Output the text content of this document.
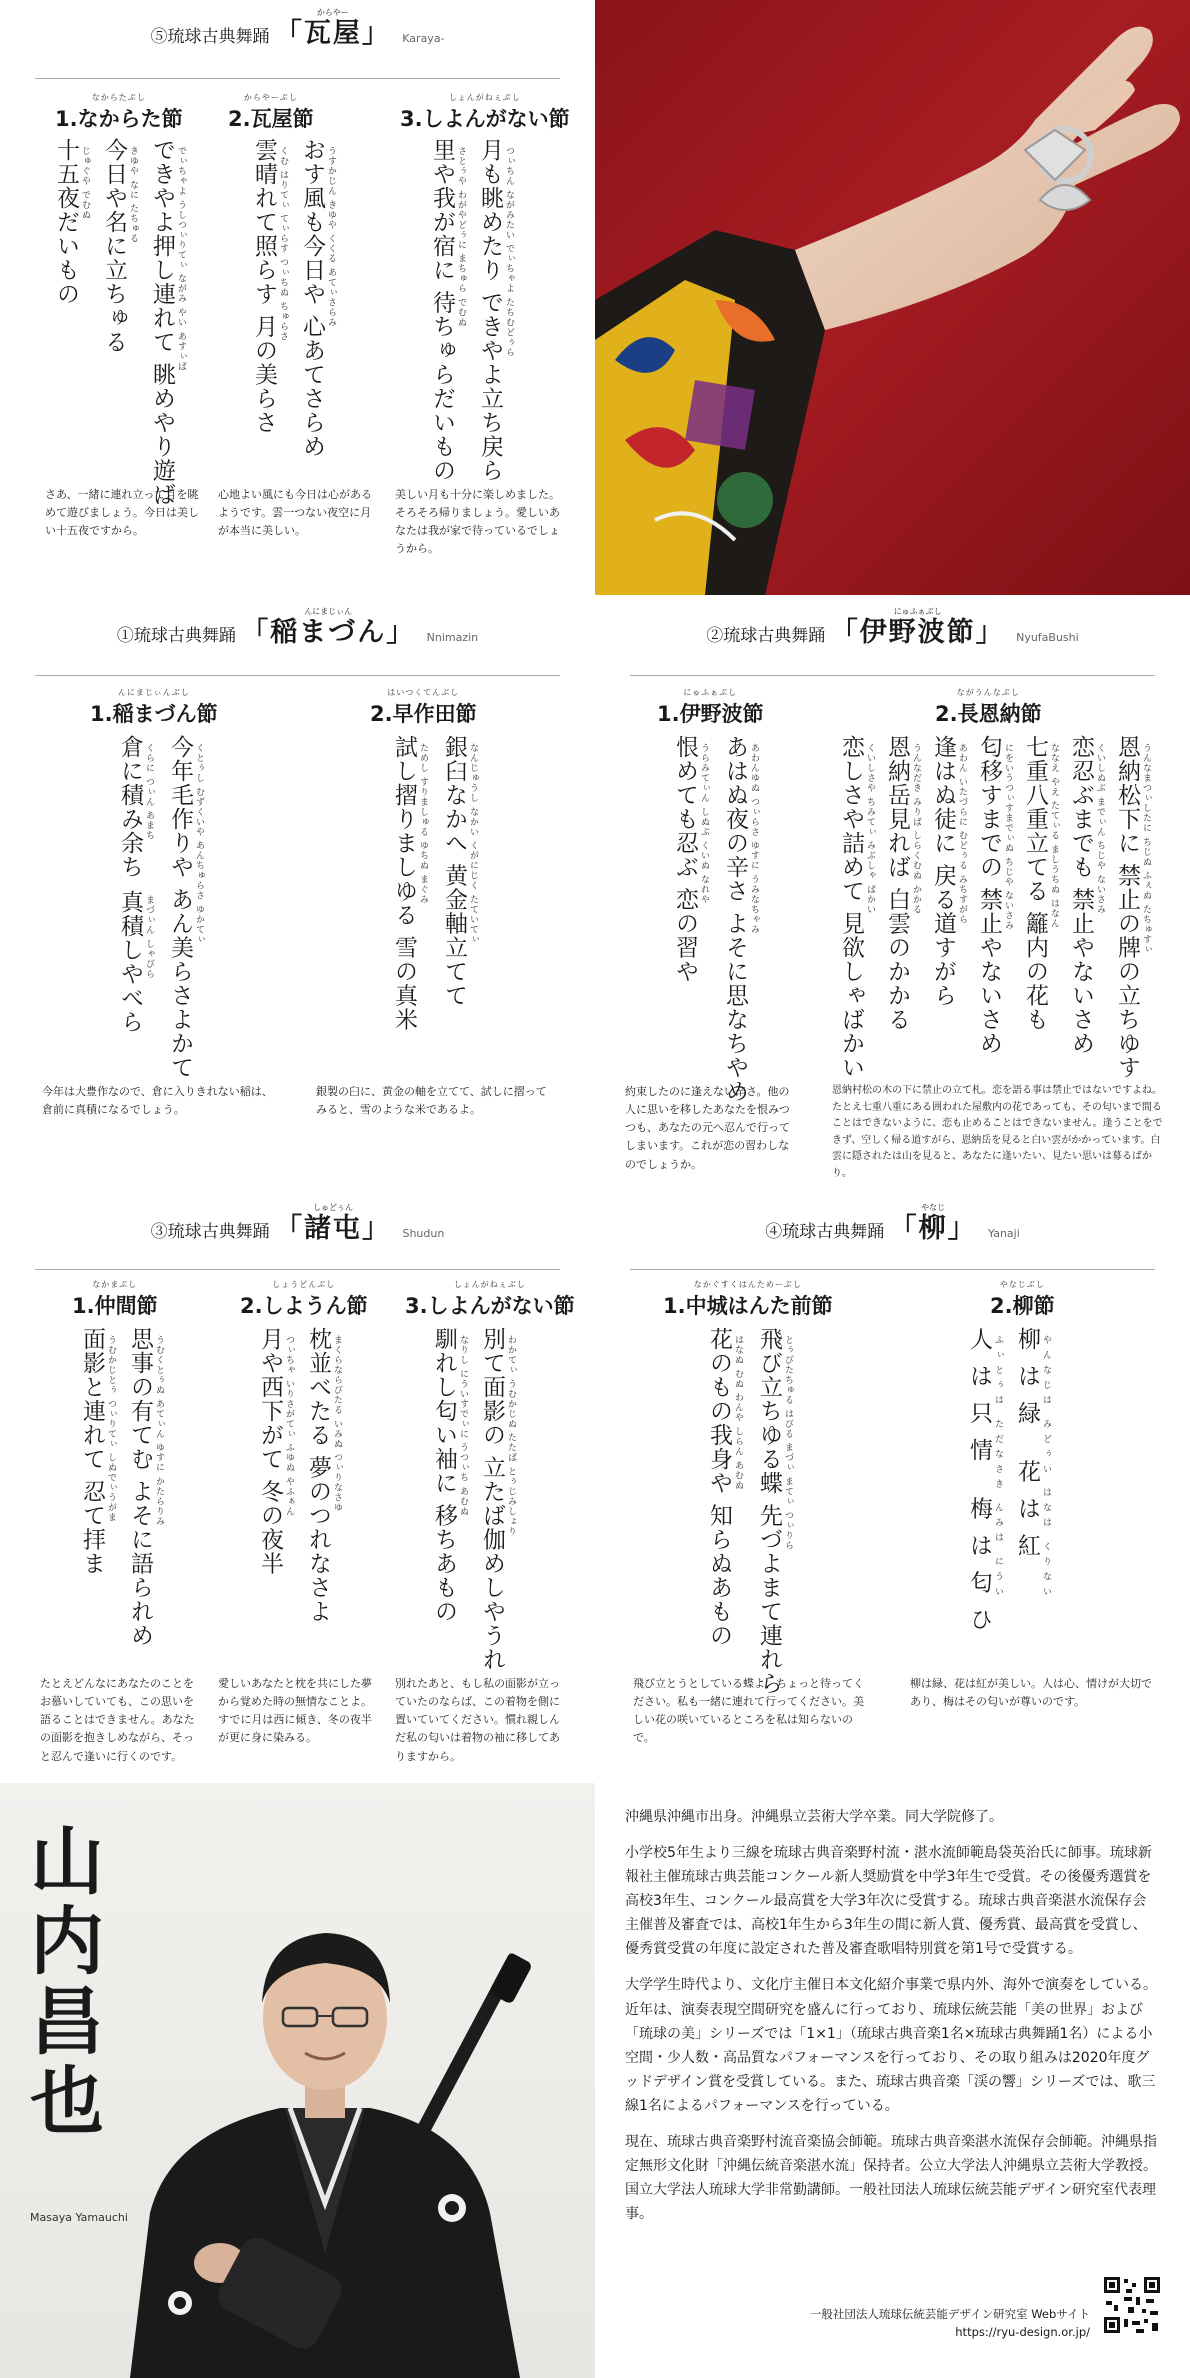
⑤琉球古典舞踊
からやー
「瓦屋」 Karaya-
なからたぶし
1.なからた節
からやーぶし
2.瓦屋節
しょんがねぇぶし
3.しよんがない節
できやよ押し連れて 眺めやり遊ば でぃちゃよ うしつぃりてぃ ながみ やい あすぃば
今日や名に立ちゅる きゆや なに たちゅる
十五夜だいもの じゅぐや でむぬ	おす風も今日や 心あてさらめ うすかじん きゆや くくる あてぃさらみ
雲晴れて照らす 月の美らさ くむ はりてぃ てぃらす つぃちぬ ちゅらさ	月も眺めたり できやよ立ち戻ら つぃちん ながみたい でぃちゃよ たちむどぅら
里や我が宿に 待ちゅらだいもの さとぅや わがやどぅに まちゅら でむぬ
さあ、一緒に連れ立って月を眺めて遊びましょう。今日は美しい十五夜ですから。
心地よい風にも今日は心があるようです。雲一つない夜空に月が本当に美しい。
美しい月も十分に楽しめました。そろそろ帰りましょう。愛しいあなたは我が家で待っているでしょうから。
①琉球古典舞踊
んにまじぃん
「稲まづん」 Nnimazin
んにまじぃんぶし
1.稲まづん節
はいつくてんぶし
2.早作田節
今年毛作りや あん美らさよかて くとぅし むずくいや あんちゅらさ ゆかてぃ
倉に積み余ち くらに つぃん あまち
真積しやべら まづぃん しゃびら	銀臼なかへ 黄金軸立てて なんじゅうし なかい くがにじく たていてぃ
試し摺りましゆる 雪の真米 ためし すりましゅる ゆちぬ まぐみ
今年は大豊作なので、倉に入りきれない稲は、倉前に真積になるでしょう。
銀製の臼に、黄金の軸を立てて、試しに摺ってみると、雪のような米であるよ。
②琉球古典舞踊
にゅふぁぶし
「伊野波節」 NyufaBushi
にゅふぁぶし
1.伊野波節
ながうんなぶし
2.長恩納節
あはぬ夜の辛さ よそに思なちやめ あわんゆぬ つぃらさ ゆすに うみなちゃみ
恨めても忍ぶ 恋の習や うらみてぃん しぬぶ くいぬ なれや	恩納松下に 禁止の牌の立ちゆす うんなまつぃしたに ちじぬ ふぇぬ たちゅすぃ
恋忍ぶまでも 禁止やないさめ くいしぬぶ までぃん ちじや ないさみ
七重八重立てる 籬内の花も ななえ やえ たてぃる ましうちぬ はなん
匂移すまでの 禁止やないさめ にをいうつぃすまでぃぬ ちじや ないさみ
逢はぬ徒に 戻る道すがら あわん いたづらに むどぅる みちすがら
恩納岳見れば 白雲のかかる うんなだき みりば しらくむぬ かかる
恋しさや詰めて 見欲しゃばかい くいしさや ちみてぃ みぶしゃ ばかい
約束したのに逢えない辛さ。他の人に思いを移したあなたを恨みつつも、あなたの元へ忍んで行ってしまいます。これが恋の習わしなのでしょうか。
恩納村松の木の下に禁止の立て札。恋を語る事は禁止ではないですよね。たとえ七重八重にある囲われた屋敷内の花であっても、その匂いまで間ることはできないように、恋も止めることはできないません。逢うことをできず、空しく帰る道すがら、恩納岳を見ると白い雲がかかっています。白雲に隠されたは山を見ると、あなたに逢いたい、見たい思いは募るばかり。
③琉球古典舞踊
しゅどぅん
「諸屯」 Shudun
なかまぶし
1.仲間節
しょうどんぶし
2.しようん節
しょんがねぇぶし
3.しよんがない節
思事の有てむ よそに語られめ うむくとぅぬ あてぃん ゆすに かたらりみ
面影と連れて 忍て拝ま うむかじとぅ つぃりてぃ しぬでぃうがま	枕並べたる 夢のつれなさよ まくらならびたる いみぬ つぃりなさゆ
月や西下がて 冬の夜半 つぃちゃ いりさがてぃ ふゆぬ やふぁん	別て面影の 立たば伽めしやうれ わかてぃ うむかじぬ たたば とぅじみしょり
馴れし匂い袖に 移ちあもの なりし にういすでぃに うつぃち あむぬ
たとえどんなにあなたのことをお慕いしていても、この思いを語ることはできません。あなたの面影を抱きしめながら、そっと忍んで逢いに行くのです。
愛しいあなたと枕を共にした夢から覚めた時の無情なことよ。すでに月は西に傾き、冬の夜半が更に身に染みる。
別れたあと、もし私の面影が立っていたのならば、この着物を側に置いていてください。慣れ親しんだ私の匂いは着物の袖に移してありますから。
④琉球古典舞踊
やなじ
「柳」 Yanaji
なかぐすくはんためーぶし
1.中城はんた前節
やなじぶし
2.柳節
飛び立ちゆる蝶 先づよまて連れら とぅびたちゅる はびる まづぃ まてぃ つぃりら
花のもの我身や 知らぬあもの はなぬ むぬ わんや しらん あむぬ	柳は緑 花は紅 やんなじは みどぅい はなは くりない
人は只情 梅は匂ひ ふぃとぅは ただなさき んみは にうい
飛び立とうとしている蝶よ、ちょっと待ってください。私も一緒に連れて行ってください。美しい花の咲いているところを私は知らないので。
柳は緑、花は紅が美しい。人は心、情けが大切であり、梅はその匂いが尊いのです。
山内昌也
Masaya Yamauchi

沖縄県沖縄市出身。沖縄県立芸術大学卒業。同大学院修了。

小学校5年生より三線を琉球古典音楽野村流・湛水流師範島袋英治氏に師事。琉球新報社主催琉球古典芸能コンクール新人奨励賞を中学3年生で受賞。その後優秀選賞を高校3年生、コンクール最高賞を大学3年次に受賞する。琉球古典音楽湛水流保存会主催普及審査では、高校1年生から3年生の間に新人賞、優秀賞、最高賞を受賞し、優秀賞受賞の年度に設定された普及審査歌唱特別賞を第1号で受賞する。

大学学生時代より、文化庁主催日本文化紹介事業で県内外、海外で演奏をしている。近年は、演奏表現空間研究を盛んに行っており、琉球伝統芸能「美の世界」および「琉球の美」シリーズでは「1×1」（琉球古典音楽1名×琉球古典舞踊1名）による小空間・少人数・高品質なパフォーマンスを行っており、その取り組みは2020年度グッドデザイン賞を受賞している。また、琉球古典音楽「渓の響」シリーズでは、歌三線1名によるパフォーマンスを行っている。

現在、琉球古典音楽野村流音楽協会師範。琉球古典音楽湛水流保存会師範。沖縄県指定無形文化財「沖縄伝統音楽湛水流」保持者。公立大学法人沖縄県立芸術大学教授。国立大学法人琉球大学非常勤講師。一般社団法人琉球伝統芸能デザイン研究室代表理事。

一般社団法人琉球伝統芸能デザイン研究室 Webサイト
https://ryu-design.or.jp/
